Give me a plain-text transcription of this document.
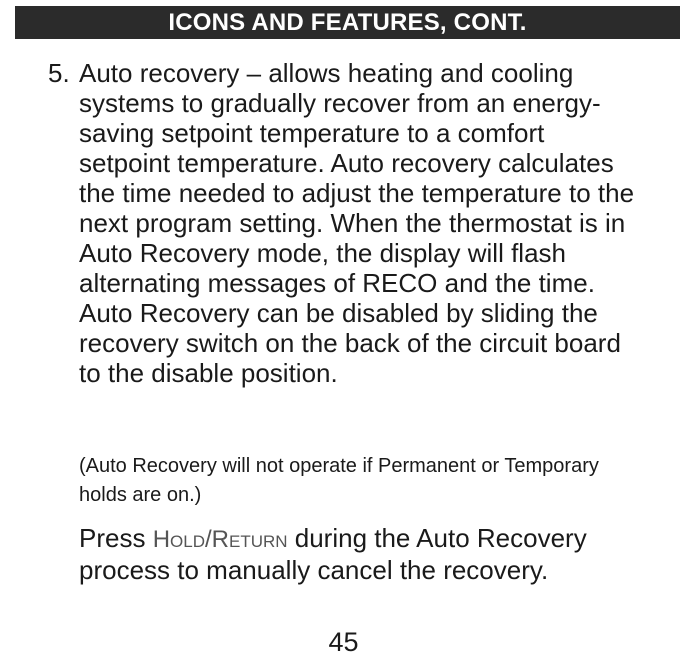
ICONS AND FEATURES, CONT.
5. Auto recovery – allows heating and cooling systems to gradually recover from an energy-saving setpoint temperature to a comfort setpoint temperature. Auto recovery calculates the time needed to adjust the temperature to the next program setting. When the thermostat is in Auto Recovery mode, the display will flash alternating messages of RECO and the time. Auto Recovery can be disabled by sliding the recovery switch on the back of the circuit board to the disable position.
(Auto Recovery will not operate if Permanent or Temporary holds are on.)
Press Hold/Return during the Auto Recovery process to manually cancel the recovery.
45
